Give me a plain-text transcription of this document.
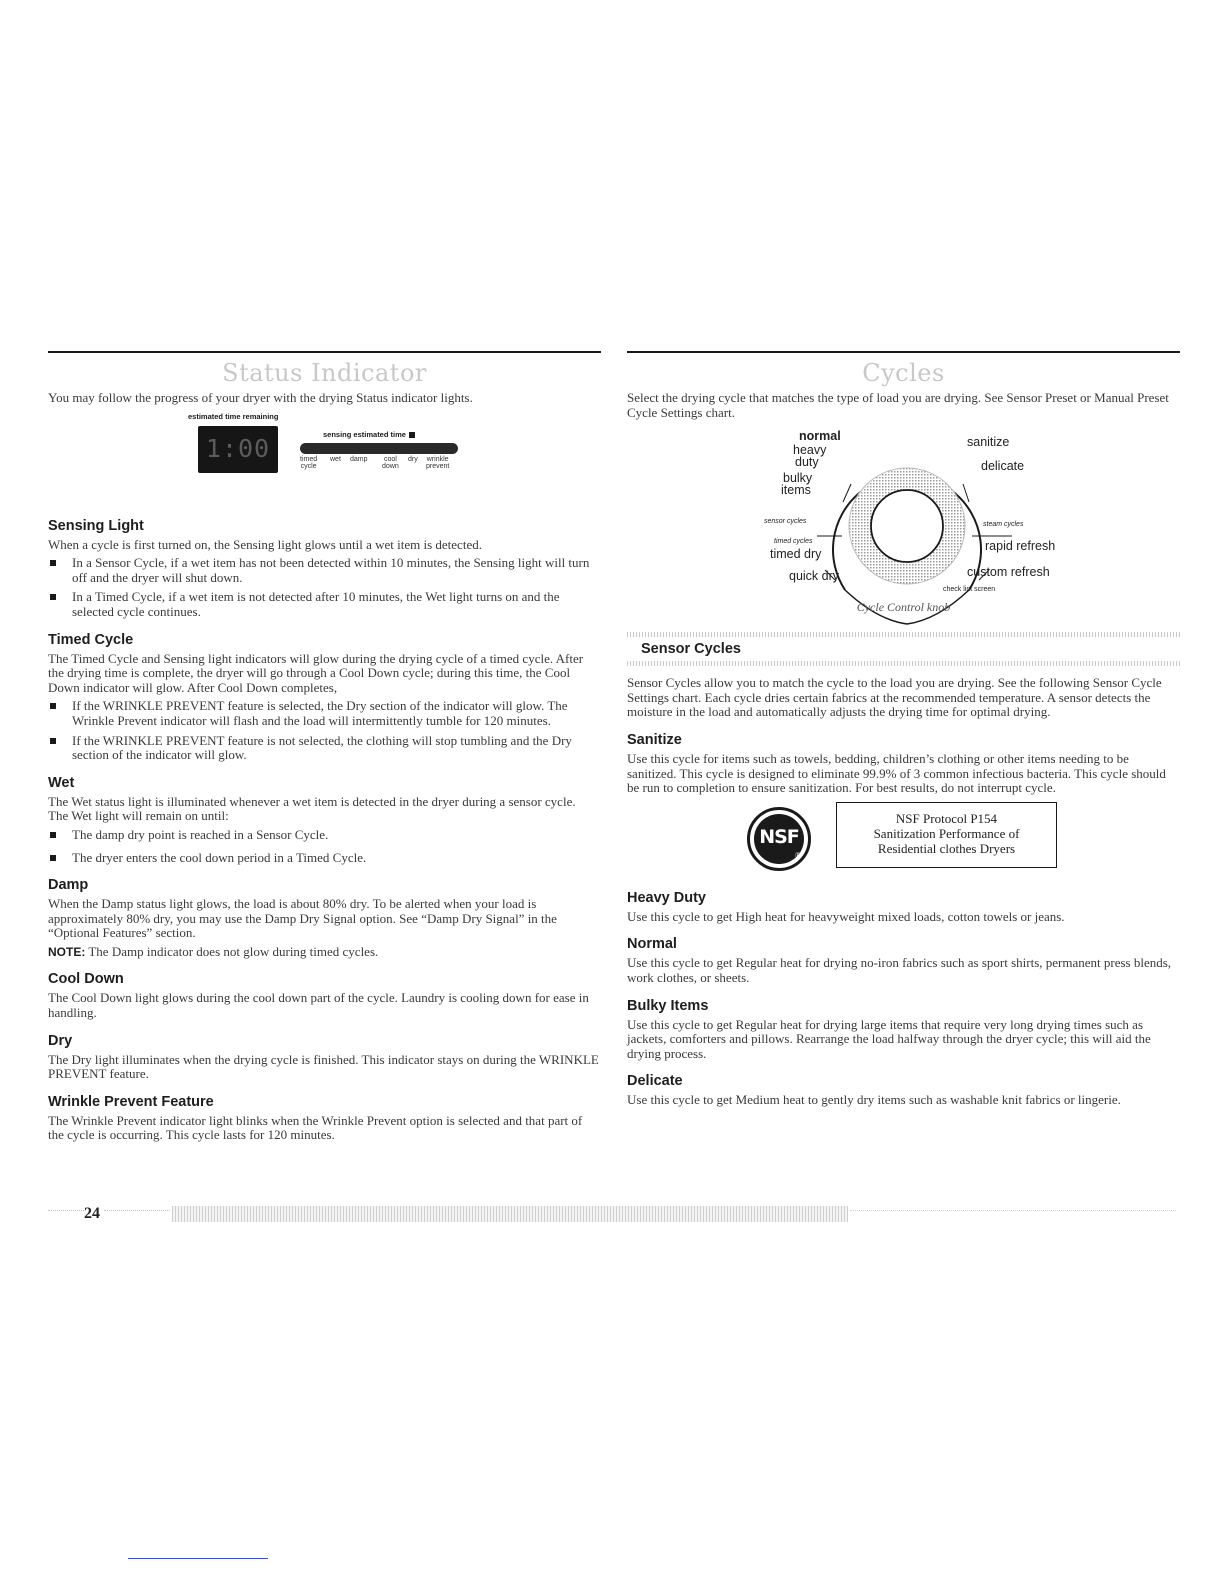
Status Indicator

You may follow the progress of your dryer with the drying Status indicator lights.

estimated time remaining
1:00	sensing estimated time
timed
cycle
wet damp cool
down
dry wrinkle
prevent
Sensing Light

When a cycle is first turned on, the Sensing light glows until a wet item is detected.

In a Sensor Cycle, if a wet item has not been detected within 10 minutes, the Sensing light will turn off and the dryer will shut down.
In a Timed Cycle, if a wet item is not detected after 10 minutes, the Wet light turns on and the selected cycle continues.
Timed Cycle

The Timed Cycle and Sensing light indicators will glow during the drying cycle of a timed cycle. After the drying time is complete, the dryer will go through a Cool Down cycle; during this time, the Cool Down indicator will glow. After Cool Down completes,

If the WRINKLE PREVENT feature is selected, the Dry section of the indicator will glow. The Wrinkle Prevent indicator will flash and the load will intermittently tumble for 120 minutes.
If the WRINKLE PREVENT feature is not selected, the clothing will stop tumbling and the Dry section of the indicator will glow.
Wet

The Wet status light is illuminated whenever a wet item is detected in the dryer during a sensor cycle.

The Wet light will remain on until:

The damp dry point is reached in a Sensor Cycle.
The dryer enters the cool down period in a Timed Cycle.
Damp

When the Damp status light glows, the load is about 80% dry. To be alerted when your load is approximately 80% dry, you may use the Damp Dry Signal option. See “Damp Dry Signal” in the “Optional Features” section.

NOTE: The Damp indicator does not glow during timed cycles.

Cool Down

The Cool Down light glows during the cool down part of the cycle. Laundry is cooling down for ease in handling.

Dry

The Dry light illuminates when the drying cycle is finished. This indicator stays on during the WRINKLE PREVENT feature.

Wrinkle Prevent Feature

The Wrinkle Prevent indicator light blinks when the Wrinkle Prevent option is selected and that part of the cycle is occurring. This cycle lasts for 120 minutes.

Cycles

Select the drying cycle that matches the type of load you are drying. See Sensor Preset or Manual Preset Cycle Settings chart.

normal
heavy
duty
bulky
items
sensor cycles
timed cycles
timed dry
quick dry
sanitize
delicate
steam cycles
rapid refresh
custom refresh
check lint screen
Cycle Control knob
Sensor Cycles

Sensor Cycles allow you to match the cycle to the load you are drying. See the following Sensor Cycle Settings chart. Each cycle dries certain fabrics at the recommended temperature. A sensor detects the moisture in the load and automatically adjusts the drying time for optimal drying.

Sanitize

Use this cycle for items such as towels, bedding, children’s clothing or other items needing to be sanitized. This cycle is designed to eliminate 99.9% of 3 common infectious bacteria. This cycle should be run to completion to ensure sanitization. For best results, do not interrupt cycle.

NSF
®
NSF Protocol P154
Sanitization Performance of
Residential clothes Dryers
Heavy Duty

Use this cycle to get High heat for heavyweight mixed loads, cotton towels or jeans.

Normal

Use this cycle to get Regular heat for drying no-iron fabrics such as sport shirts, permanent press blends, work clothes, or sheets.

Bulky Items

Use this cycle to get Regular heat for drying large items that require very long drying times such as jackets, comforters and pillows. Rearrange the load halfway through the dryer cycle; this will aid the drying process.

Delicate

Use this cycle to get Medium heat to gently dry items such as washable knit fabrics or lingerie.

24
